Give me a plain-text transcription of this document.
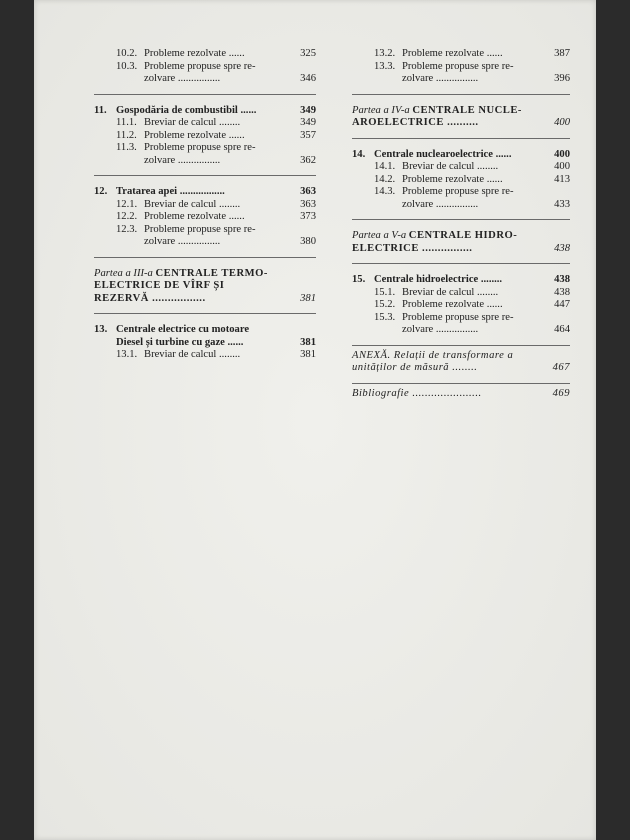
10.2. Probleme rezolvate ......	325
10.3. Probleme propuse spre re-
zolvare ................	346
11. Gospodăria de combustibil ......	349
11.1. Breviar de calcul ........	349
11.2. Probleme rezolvate ......	357
11.3. Probleme propuse spre re-
zolvare ................	362
12. Tratarea apei .................	363
12.1. Breviar de calcul ........	363
12.2. Probleme rezolvate ......	373
12.3. Probleme propuse spre re-
zolvare ................	380
Partea a III-a CENTRALE TERMO-
ELECTRICE DE VÎRF ȘI
REZERVĂ .................	381
13. Centrale electrice cu motoare
Diesel și turbine cu gaze ......	381
13.1. Breviar de calcul ........	381
13.2. Probleme rezolvate ......	387
13.3. Probleme propuse spre re-
zolvare ................	396
Partea a IV-a CENTRALE NUCLE-
AROELECTRICE ..........	400
14. Centrale nuclearoelectrice ......	400
14.1. Breviar de calcul ........	400
14.2. Probleme rezolvate ......	413
14.3. Probleme propuse spre re-
zolvare ................	433
Partea a V-a CENTRALE HIDRO-
ELECTRICE ................	438
15. Centrale hidroelectrice ........	438
15.1. Breviar de calcul ........	438
15.2. Probleme rezolvate ......	447
15.3. Probleme propuse spre re-
zolvare ................	464
ANEXĂ. Relații de transformare a
unităților de măsură ........	467
Bibliografie ......................	469
